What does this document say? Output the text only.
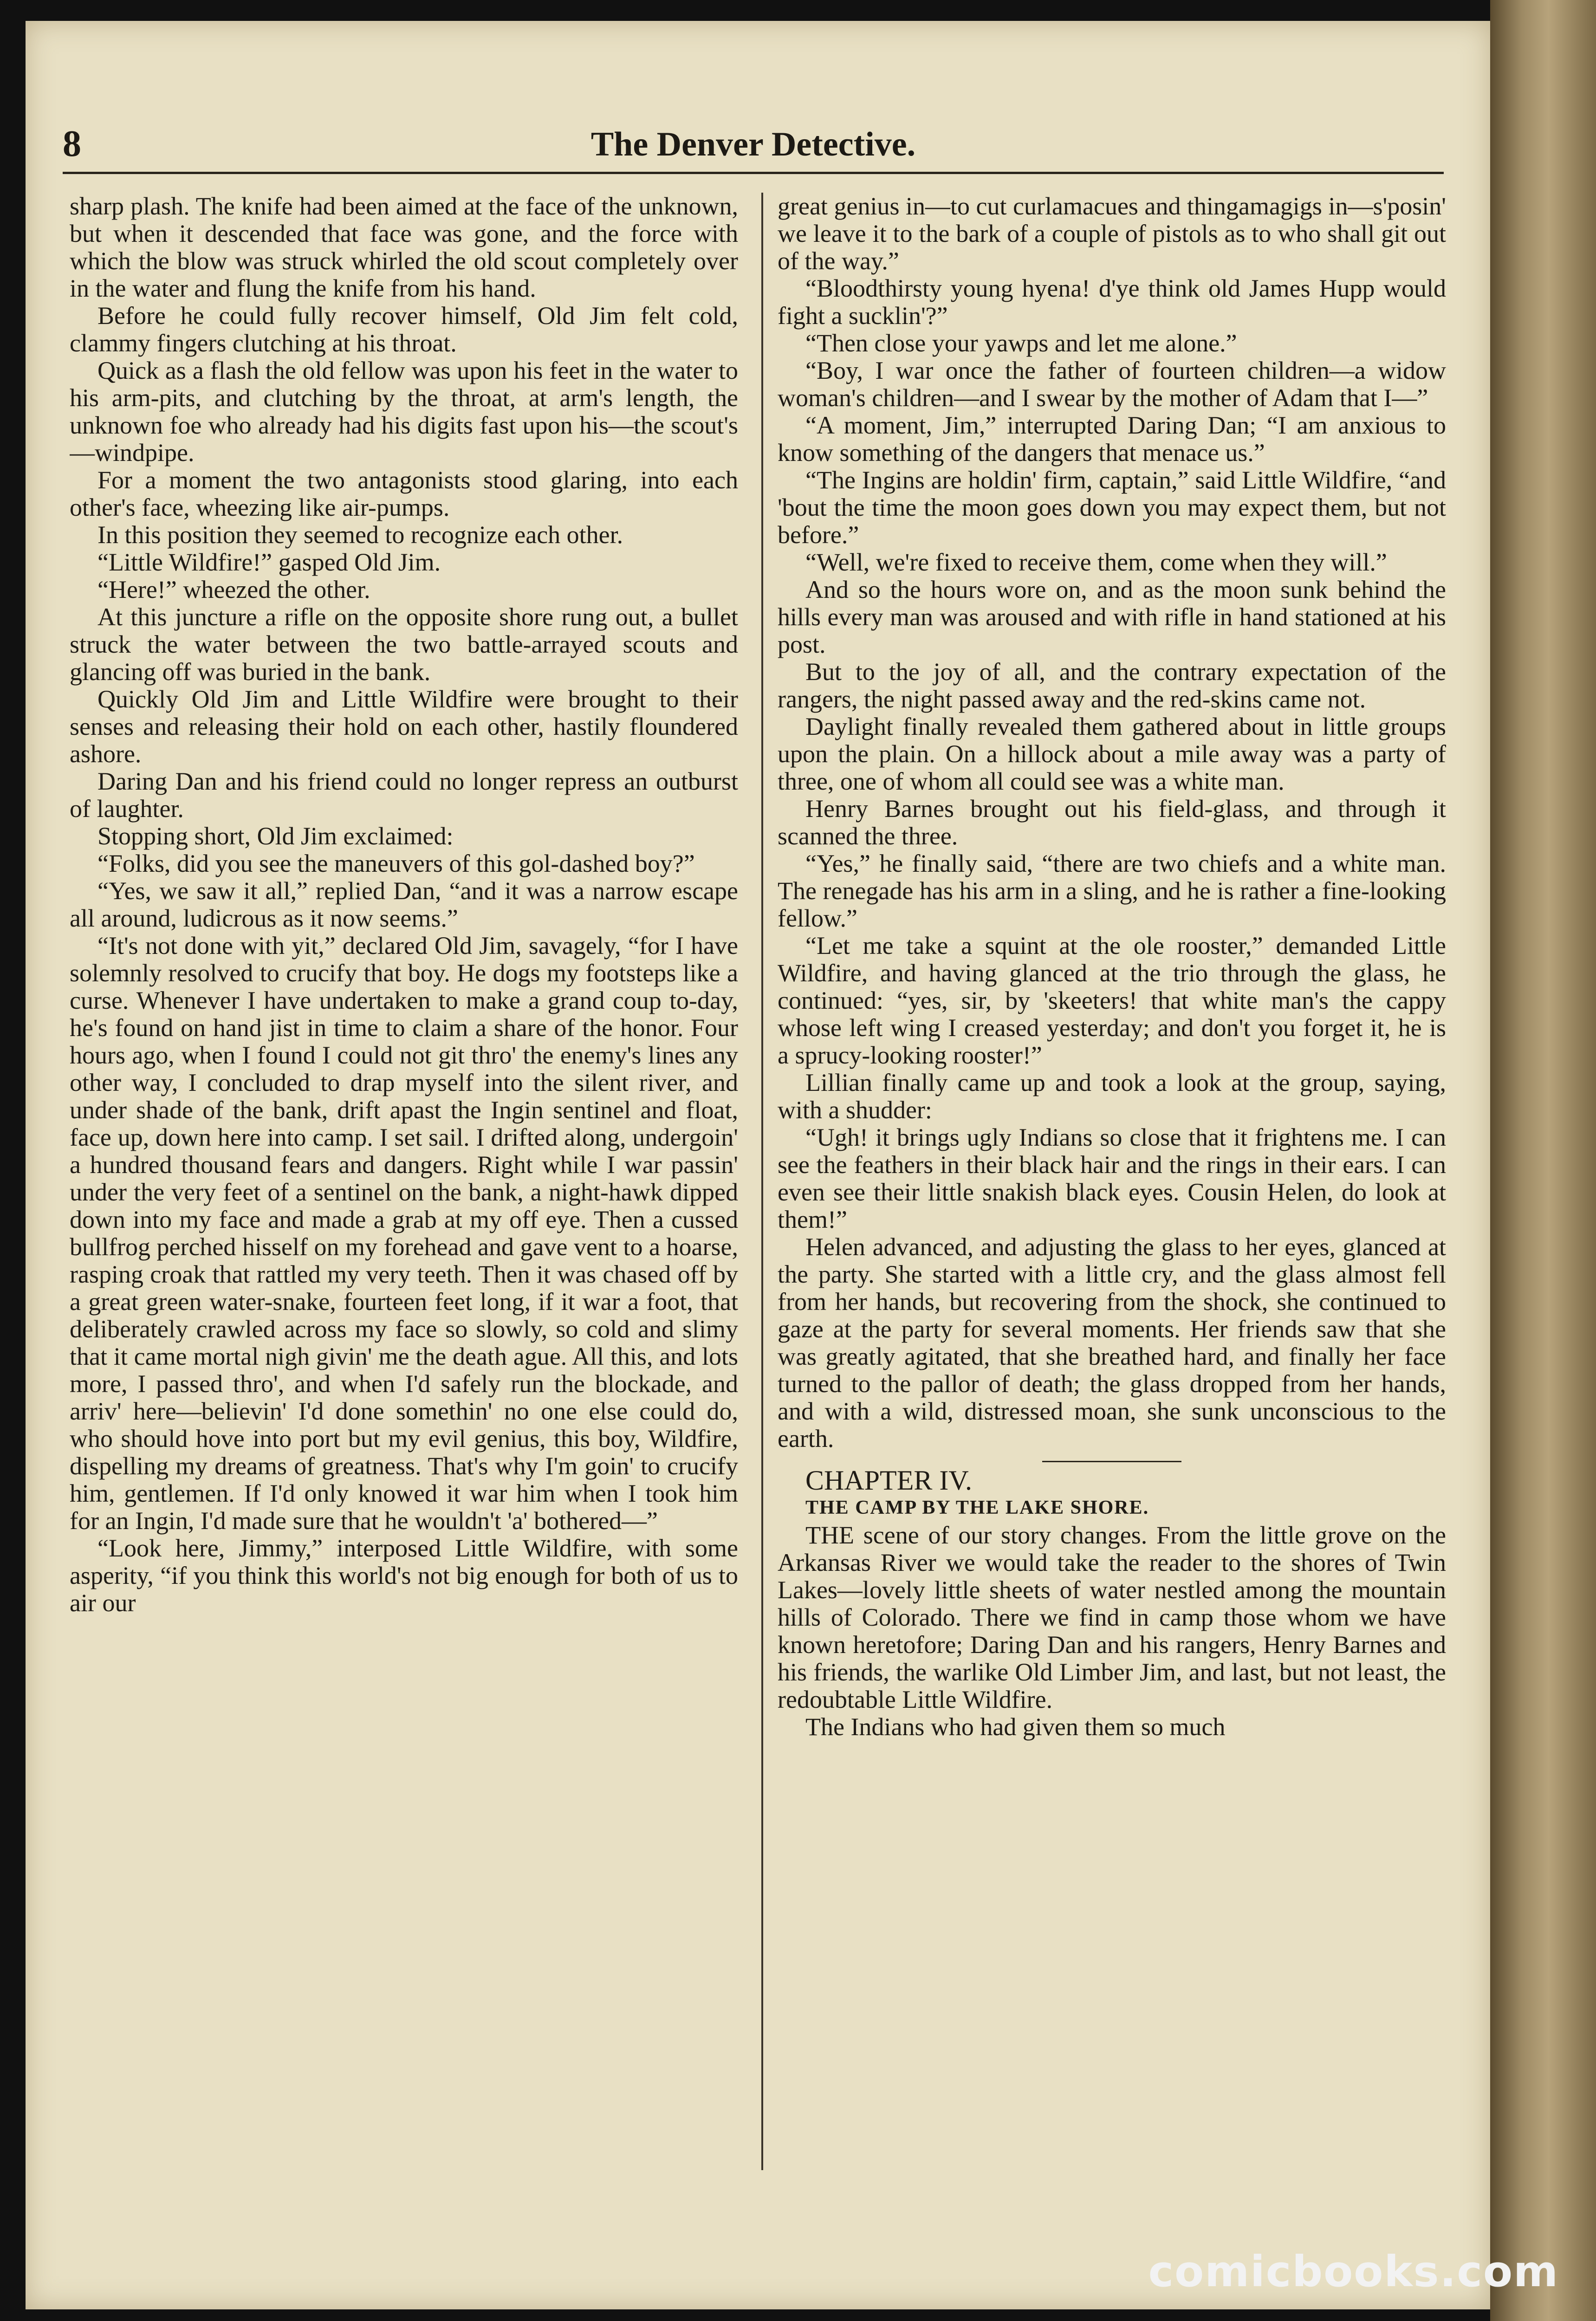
8	The Denver Detective.

sharp plash. The knife had been aimed at the face of the unknown, but when it descended that face was gone, and the force with which the blow was struck whirled the old scout completely over in the water and flung the knife from his hand.

Before he could fully recover himself, Old Jim felt cold, clammy fingers clutching at his throat.

Quick as a flash the old fellow was upon his feet in the water to his arm-pits, and clutching by the throat, at arm's length, the unknown foe who already had his digits fast upon his—the scout's—windpipe.

For a moment the two antagonists stood glaring, into each other's face, wheezing like air-pumps.

In this position they seemed to recognize each other.

“Little Wildfire!” gasped Old Jim.

“Here!” wheezed the other.

At this juncture a rifle on the opposite shore rung out, a bullet struck the water between the two battle-arrayed scouts and glancing off was buried in the bank.

Quickly Old Jim and Little Wildfire were brought to their senses and releasing their hold on each other, hastily floundered ashore.

Daring Dan and his friend could no longer repress an outburst of laughter.

Stopping short, Old Jim exclaimed:

“Folks, did you see the maneuvers of this gol-dashed boy?”

“Yes, we saw it all,” replied Dan, “and it was a narrow escape all around, ludicrous as it now seems.”

“It's not done with yit,” declared Old Jim, savagely, “for I have solemnly resolved to crucify that boy. He dogs my footsteps like a curse. Whenever I have undertaken to make a grand coup to-day, he's found on hand jist in time to claim a share of the honor. Four hours ago, when I found I could not git thro' the enemy's lines any other way, I concluded to drap myself into the silent river, and under shade of the bank, drift apast the Ingin sentinel and float, face up, down here into camp. I set sail. I drifted along, undergoin' a hundred thousand fears and dangers. Right while I war passin' under the very feet of a sentinel on the bank, a night-hawk dipped down into my face and made a grab at my off eye. Then a cussed bullfrog perched hisself on my forehead and gave vent to a hoarse, rasping croak that rattled my very teeth. Then it was chased off by a great green water-snake, fourteen feet long, if it war a foot, that deliberately crawled across my face so slowly, so cold and slimy that it came mortal nigh givin' me the death ague. All this, and lots more, I passed thro', and when I'd safely run the blockade, and arriv' here—believin' I'd done somethin' no one else could do, who should hove into port but my evil genius, this boy, Wildfire, dispelling my dreams of greatness. That's why I'm goin' to crucify him, gentlemen. If I'd only knowed it war him when I took him for an Ingin, I'd made sure that he wouldn't 'a' bothered—”

“Look here, Jimmy,” interposed Little Wildfire, with some asperity, “if you think this world's not big enough for both of us to air our

great genius in—to cut curlamacues and thingamagigs in—s'posin' we leave it to the bark of a couple of pistols as to who shall git out of the way.”

“Bloodthirsty young hyena! d'ye think old James Hupp would fight a sucklin'?”

“Then close your yawps and let me alone.”

“Boy, I war once the father of fourteen children—a widow woman's children—and I swear by the mother of Adam that I—”

“A moment, Jim,” interrupted Daring Dan; “I am anxious to know something of the dangers that menace us.”

“The Ingins are holdin' firm, captain,” said Little Wildfire, “and 'bout the time the moon goes down you may expect them, but not before.”

“Well, we're fixed to receive them, come when they will.”

And so the hours wore on, and as the moon sunk behind the hills every man was aroused and with rifle in hand stationed at his post.

But to the joy of all, and the contrary expectation of the rangers, the night passed away and the red-skins came not.

Daylight finally revealed them gathered about in little groups upon the plain. On a hillock about a mile away was a party of three, one of whom all could see was a white man.

Henry Barnes brought out his field-glass, and through it scanned the three.

“Yes,” he finally said, “there are two chiefs and a white man. The renegade has his arm in a sling, and he is rather a fine-looking fellow.”

“Let me take a squint at the ole rooster,” demanded Little Wildfire, and having glanced at the trio through the glass, he continued: “yes, sir, by 'skeeters! that white man's the cappy whose left wing I creased yesterday; and don't you forget it, he is a sprucy-looking rooster!”

Lillian finally came up and took a look at the group, saying, with a shudder:

“Ugh! it brings ugly Indians so close that it frightens me. I can see the feathers in their black hair and the rings in their ears. I can even see their little snakish black eyes. Cousin Helen, do look at them!”

Helen advanced, and adjusting the glass to her eyes, glanced at the party. She started with a little cry, and the glass almost fell from her hands, but recovering from the shock, she continued to gaze at the party for several moments. Her friends saw that she was greatly agitated, that she breathed hard, and finally her face turned to the pallor of death; the glass dropped from her hands, and with a wild, distressed moan, she sunk unconscious to the earth.

CHAPTER IV.

THE CAMP BY THE LAKE SHORE.

THE scene of our story changes. From the little grove on the Arkansas River we would take the reader to the shores of Twin Lakes—lovely little sheets of water nestled among the mountain hills of Colorado. There we find in camp those whom we have known heretofore; Daring Dan and his rangers, Henry Barnes and his friends, the warlike Old Limber Jim, and last, but not least, the redoubtable Little Wildfire.

The Indians who had given them so much

comicbooks.com
